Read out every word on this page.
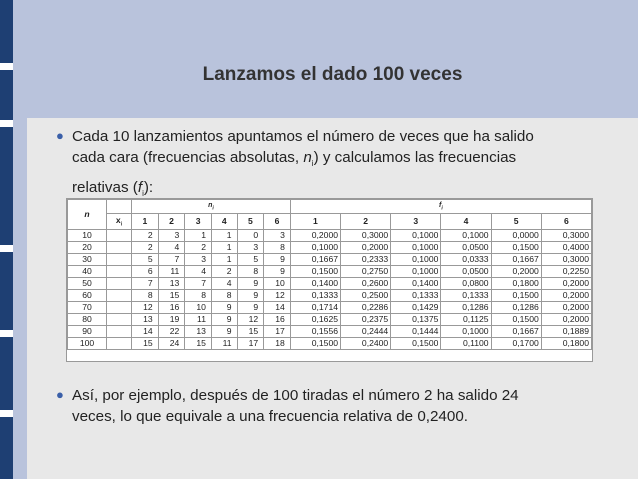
Lanzamos el dado 100 veces
● Cada 10 lanzamientos apuntamos el número de veces que ha salido
cada cara (frecuencias absolutas, $n_i$) y calculamos las frecuencias
relativas $(f_i)$:
n		$n_i$						$f_i$
	$x_i$	1	2	3	4	5	6	1	2	3	4	5	6
10		2	3	1	1	0	3	0,2000	0,3000	0,1000	0,1000	0,0000	0,3000
20		2	4	2	1	3	8	0,1000	0,2000	0,1000	0,0500	0,1500	0,4000
30		5	7	3	1	5	9	0,1667	0,2333	0,1000	0,0333	0,1667	0,3000
40		6	11	4	2	8	9	0,1500	0,2750	0,1000	0,0500	0,2000	0,2250
50		7	13	7	4	9	10	0,1400	0,2600	0,1400	0,0800	0,1800	0,2000
60		8	15	8	8	9	12	0,1333	0,2500	0,1333	0,1333	0,1500	0,2000
70		12	16	10	9	9	14	0,1714	0,2286	0,1429	0,1286	0,1286	0,2000
80		13	19	11	9	12	16	0,1625	0,2375	0,1375	0,1125	0,1500	0,2000
90		14	22	13	9	15	17	0,1556	0,2444	0,1444	0,1000	0,1667	0,1889
100		15	24	15	11	17	18	0,1500	0,2400	0,1500	0,1100	0,1700	0,1800
● Así, por ejemplo, después de 100 tiradas el número 2 ha salido 24
veces, lo que equivale a una frecuencia relativa de 0,2400.
